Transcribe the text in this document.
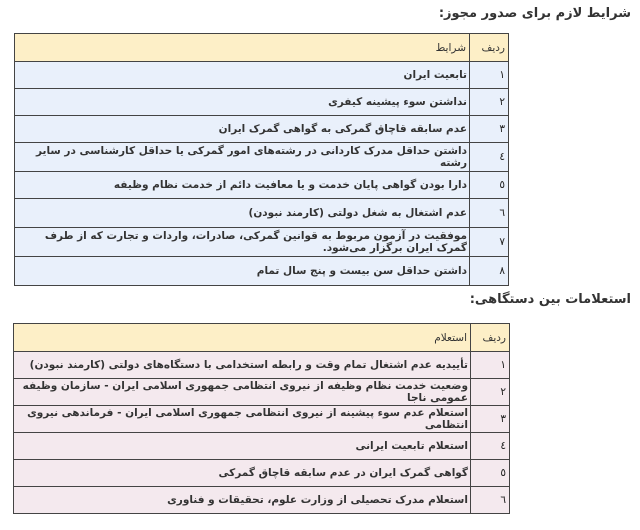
شرایط لازم برای صدور مجوز:
ردیف	شرایط
۱	تابعیت ایران
۲	نداشتن سوء پیشینه کیفری
۳	عدم سابقه قاچاق گمرکی به گواهی گمرک ایران
٤	داشتن حداقل مدرک کاردانی در رشته‌های امور گمرکی یا حداقل کارشناسی در سایر رشته
٥	دارا بودن گواهی پایان خدمت و یا معافیت دائم از خدمت نظام وظیفه
٦	عدم اشتغال به شغل دولتی (کارمند نبودن)
۷	موفقیت در آزمون مربوط به قوانین گمرکی، صادرات، واردات و تجارت که از طرف گمرک ایران برگزار می‌شود.
۸	داشتن حداقل سن بیست و پنج سال تمام
استعلامات بین دستگاهی:
ردیف	استعلام
۱	تأییدیه عدم اشتغال تمام وقت و رابطه استخدامی با دستگاه‌های دولتی (کارمند نبودن)
۲	وضعیت خدمت نظام وظیفه از نیروی انتظامی جمهوری اسلامی ایران - سازمان وظیفه عمومی ناجا
۳	استعلام عدم سوء پیشینه از نیروی انتظامی جمهوری اسلامی ایران - فرماندهی نیروی انتظامی
٤	استعلام تابعیت ایرانی
٥	گواهی گمرک ایران در عدم سابقه قاچاق گمرکی
٦	استعلام مدرک تحصیلی از وزارت علوم، تحقیقات و فناوری
